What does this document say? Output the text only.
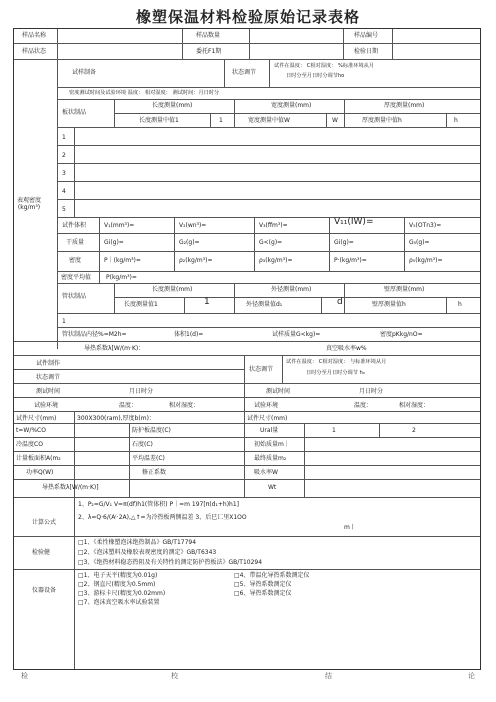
橡塑保温材料检验原始记录表格
样品名称	样品数量	样品编号
样品状态	委托F1期	检验日期
表观密度
(kg/m³)
试样制备	状态调节
试件在温度： C相对湿度： %标准环境从月
日时分至月日时分调节ho
密度测试时间及试验环境 温度： 相对湿度： 测试时间：月日时分
板状制品
长度测量(mm)	宽度测量(mm)	厚度测量(mm)
长度测量中值1	1	宽度测量中值W	W	厚度测量中值h	h
1
2
3
4
5
试件体积	V₁(mm³)=	V₂(wn³)=	V₃(ffm³)=	V₁₁(IW)=	V₅(OTn3)=
干质量	Gi(g)=	G₂(g)=	G<(g)=	Gi(g)=	G₅(g)=
密度	P｜(kg/m³)=	ρ₂(kg/m³)=	ρ₃(kg/m³)=	P·(kg/m³)=	ρ₅(kg/m³)=
密度平均值 P(kg/m³)=
管状制品
长度测量(mm)	外径测量(mm)	壁厚测量(mm)
长度测量值1	1	外径测量值d₁	d	壁厚测量值h	h
1
管状制品内径%=M2h=	体积1(d)=	试样质量G<kg)=	密度pKkg/nO=
导热系数λ[W/(m·K)：	真空吸水率w%
试件制作
状态调节
状态调节
试件在温度： C相对湿度： 与标准环境从月
日时分至月日时分调节 h₀
测试时间	月日时分	测试时间	月日时分
试验环境	温度：	相对湿度：	试验环境	温度：	相对湿度：
试件尺寸(mm)	300X300(ram),厚度b(m)：	试件尺寸(mm)
t=W/%CO	防护板温度(C)	Ural量	1	2
冷温度CO	石度(C)	初始质量m｜
计量板面积A(m₂	平均温差(C)	最终质量m₂
功率Q(W)	修正系数	吸水率W
导热系数λ[W/(m·K)]	Wt
计算公式
1、P₂=G/V₁ V=π(df)h1(管体积) P｜=m 197[π(d₁+h)h1]
2、λ=Q·6/(A⁽·2A),△↑=为冷热板两侧温差 3、后巳匚里X1OO
m丨
检验健
□1、《柔性橡塑泡沫绝热制品》GB/T17794
□2、《泡沫塑料及橡胶表观密度的测定》GB/T6343
□3、《绝热材料稳态热阻及有关特性的测定防护热板法》GB/T10294
仪器设备
□1、电子天平(精度为0.01g)
□2、钢直尺(精度为0.5mm)
□3、游标卡尺(精度为0.02mm)
□7、泡沫真空吸水率试验装置
□4、带温化导热系数测定仪
□5、导热系数测定仪
□6、导热系数测定仪
检	校	结	论
